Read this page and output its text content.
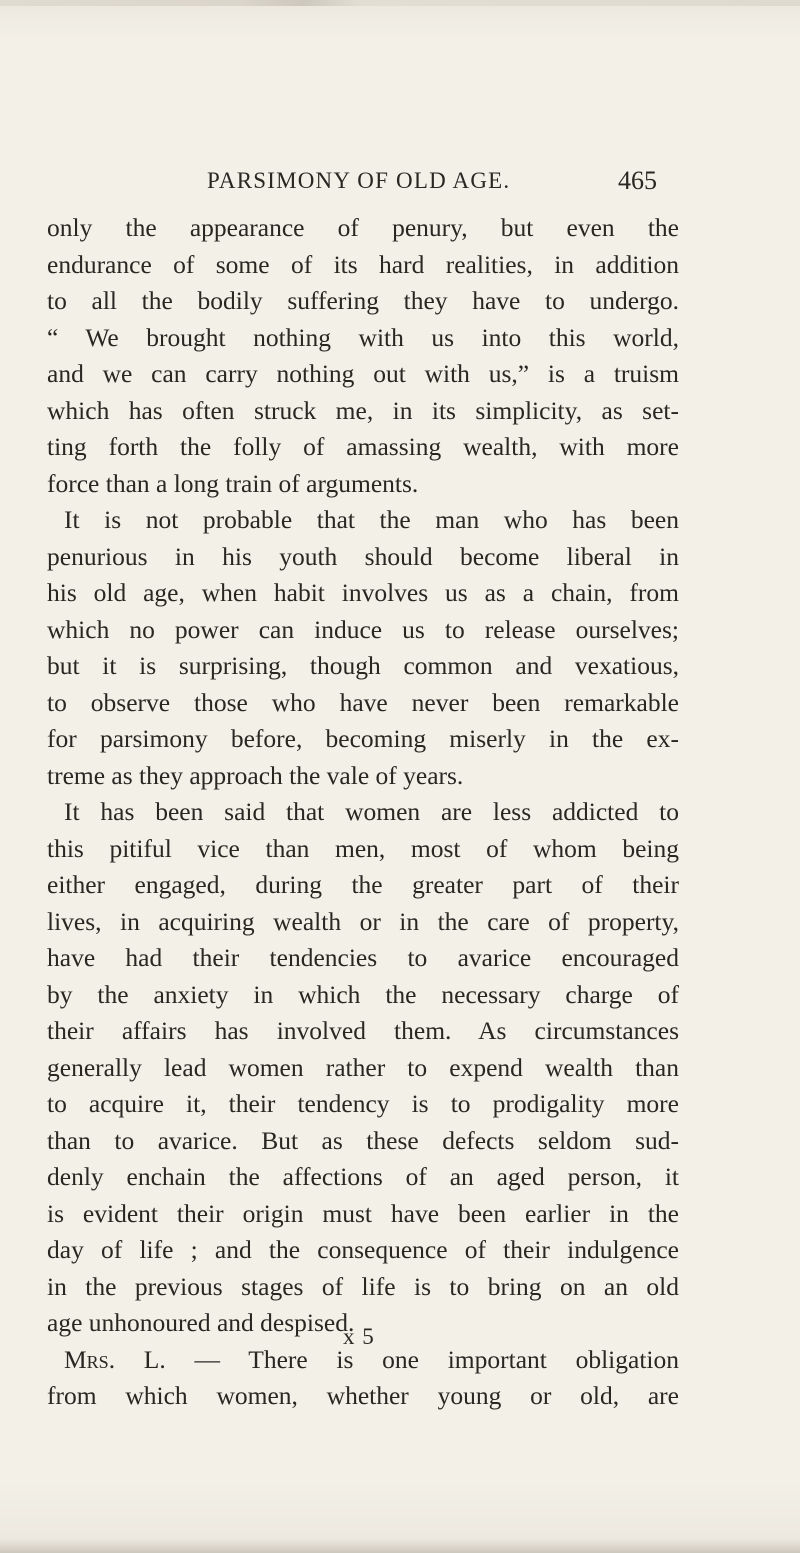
PARSIMONY OF OLD AGE.	465
only the appearance of penury, but even the
endurance of some of its hard realities, in addition
to all the bodily suffering they have to undergo.
“ We brought nothing with us into this world,
and we can carry nothing out with us,” is a truism
which has often struck me, in its simplicity, as set-
ting forth the folly of amassing wealth, with more
force than a long train of arguments.
It is not probable that the man who has been
penurious in his youth should become liberal in
his old age, when habit involves us as a chain, from
which no power can induce us to release ourselves;
but it is surprising, though common and vexatious,
to observe those who have never been remarkable
for parsimony before, becoming miserly in the ex-
treme as they approach the vale of years.
It has been said that women are less addicted to
this pitiful vice than men, most of whom being
either engaged, during the greater part of their
lives, in acquiring wealth or in the care of property,
have had their tendencies to avarice encouraged
by the anxiety in which the necessary charge of
their affairs has involved them. As circumstances
generally lead women rather to expend wealth than
to acquire it, their tendency is to prodigality more
than to avarice. But as these defects seldom sud-
denly enchain the affections of an aged person, it
is evident their origin must have been earlier in the
day of life ; and the consequence of their indulgence
in the previous stages of life is to bring on an old
age unhonoured and despised.
Mrs. L. — There is one important obligation
from which women, whether young or old, are
x 5
